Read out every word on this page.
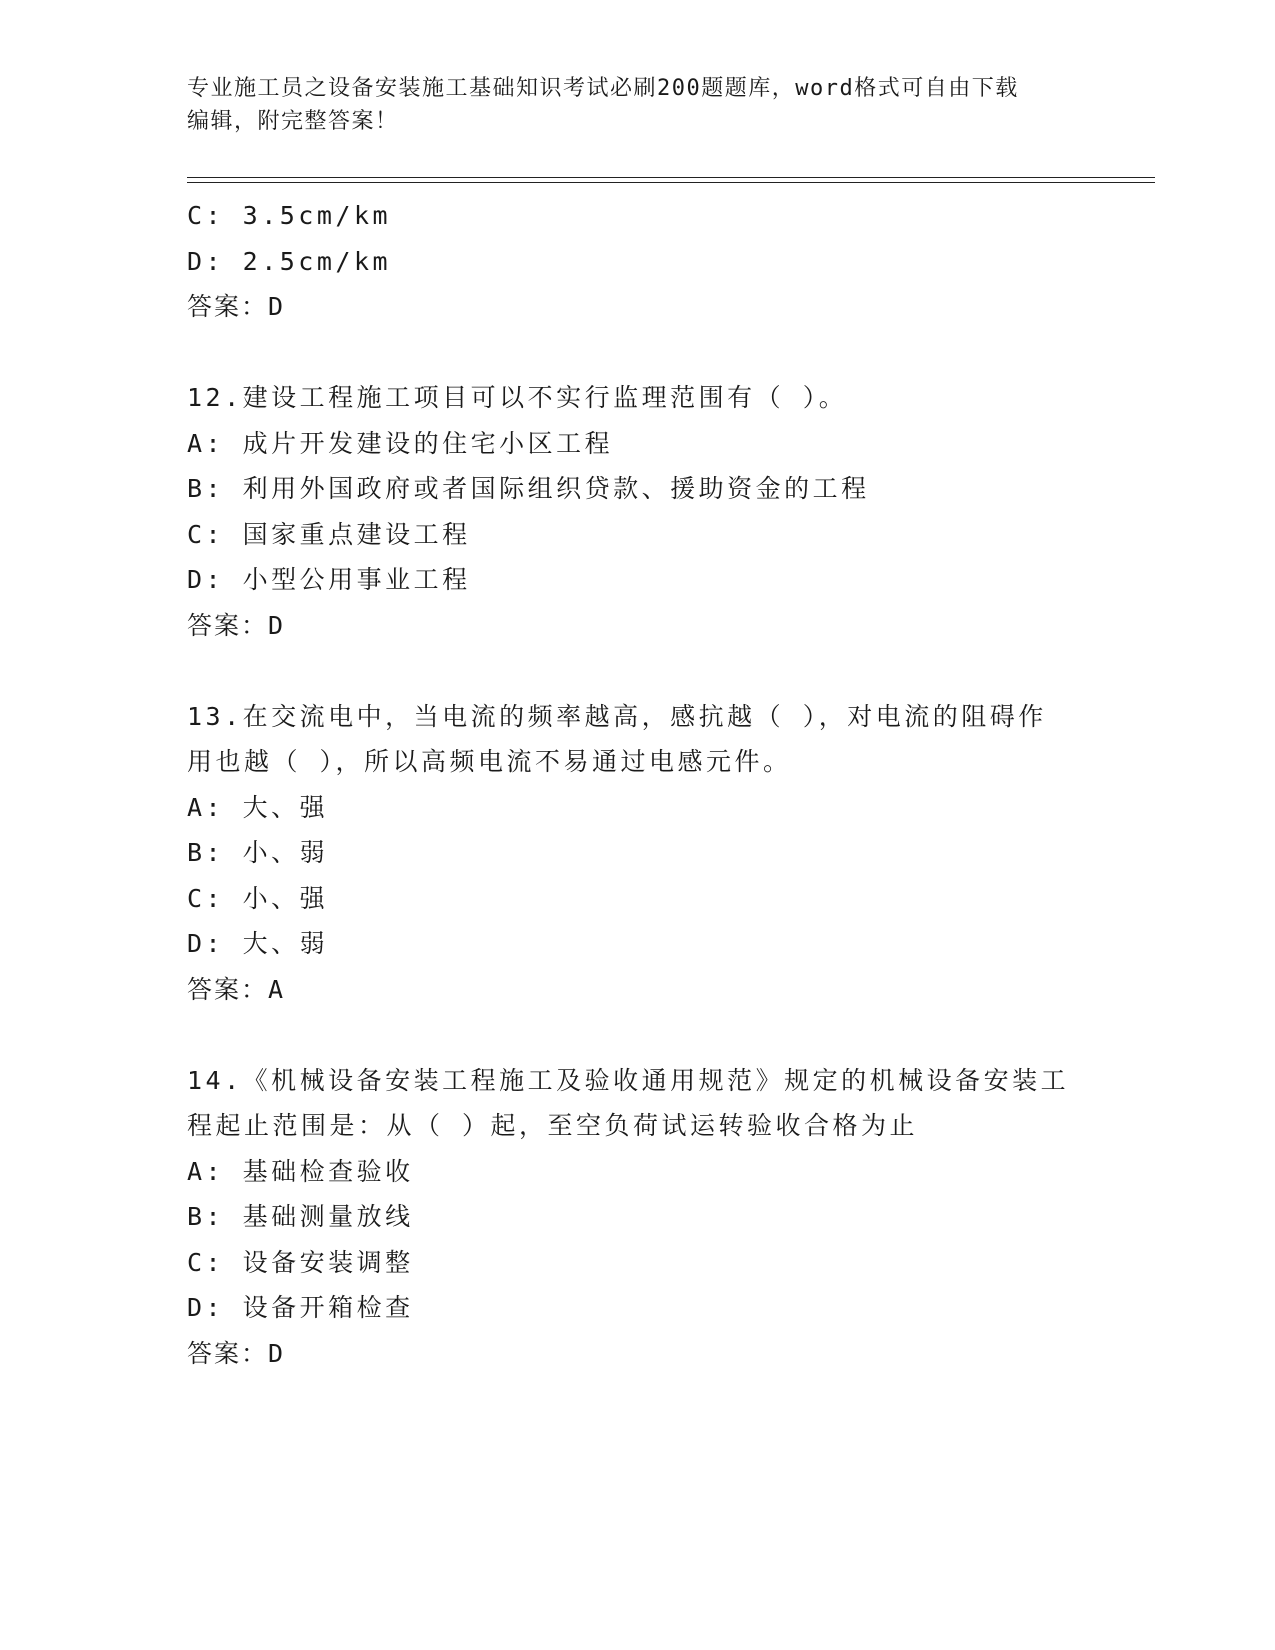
专业施工员之设备安装施工基础知识考试必刷200题题库，word格式可自由下载
编辑，附完整答案！
C: 3.5cm/km
D: 2.5cm/km
答案：D
12.建设工程施工项目可以不实行监理范围有（ ）。
A: 成片开发建设的住宅小区工程
B: 利用外国政府或者国际组织贷款、援助资金的工程
C: 国家重点建设工程
D: 小型公用事业工程
答案：D
13.在交流电中，当电流的频率越高，感抗越（ ），对电流的阻碍作
用也越（ ），所以高频电流不易通过电感元件。
A: 大、强
B: 小、弱
C: 小、强
D: 大、弱
答案：A
14.《机械设备安装工程施工及验收通用规范》规定的机械设备安装工
程起止范围是：从（ ）起，至空负荷试运转验收合格为止
A: 基础检查验收
B: 基础测量放线
C: 设备安装调整
D: 设备开箱检查
答案：D
